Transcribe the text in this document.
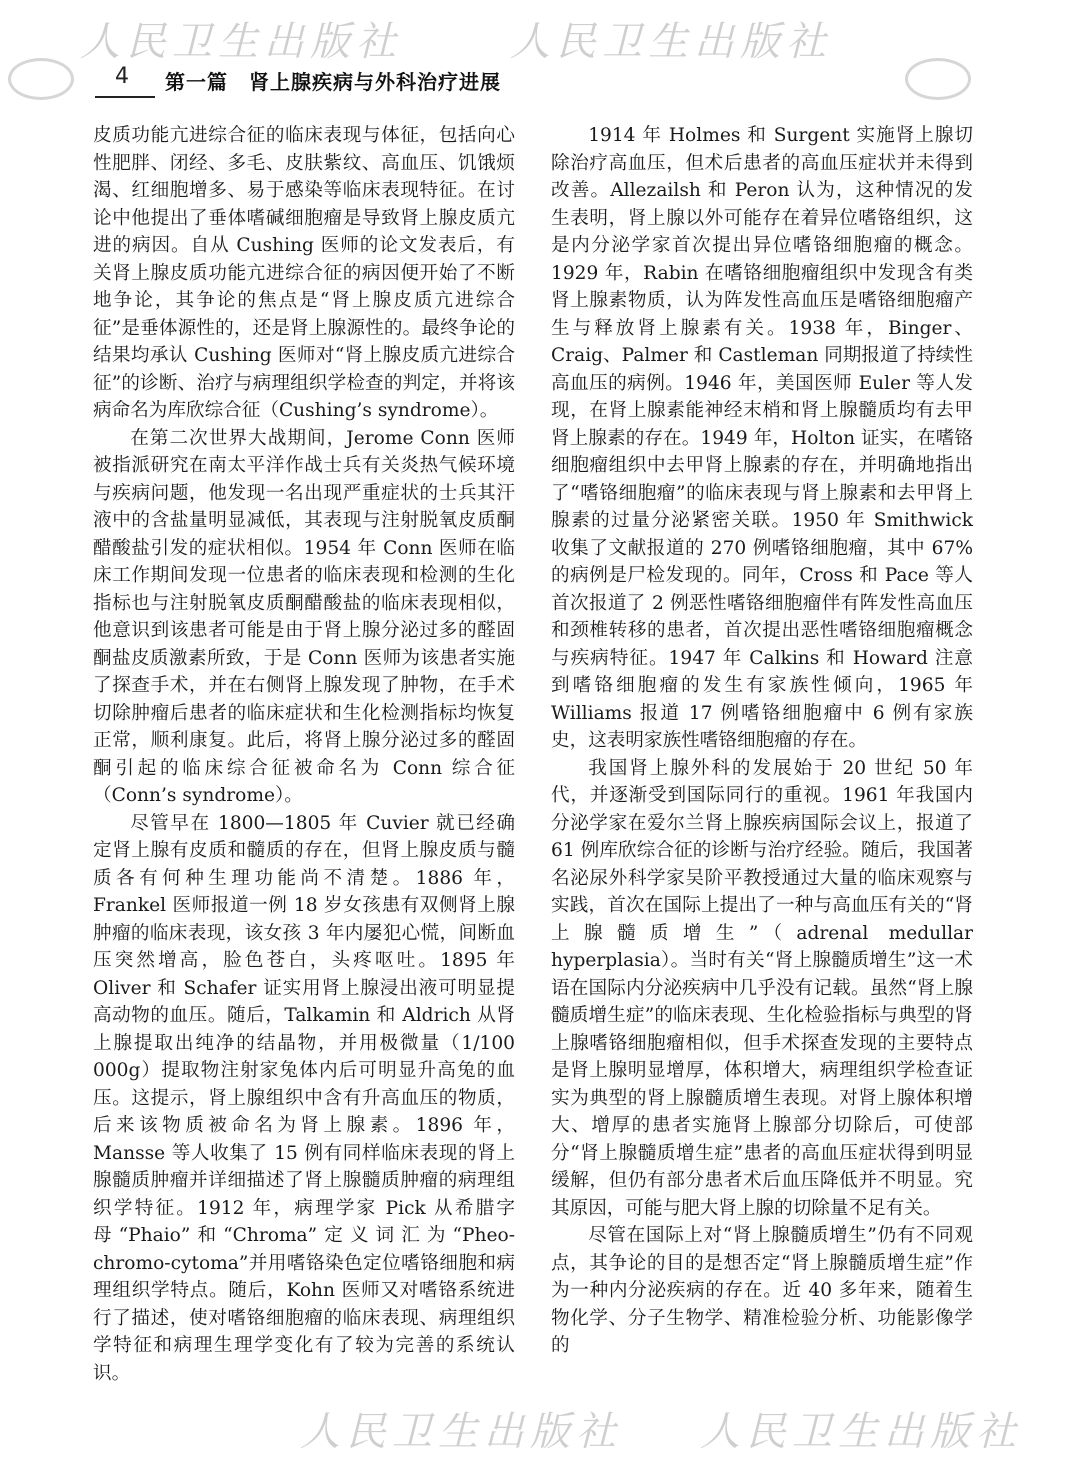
人民卫生出版社	人民卫生出版社
人民卫生出版社 人民卫生出版社
4 第一篇　肾上腺疾病与外科治疗进展

皮质功能亢进综合征的临床表现与体征，包括向心性肥胖、闭经、多毛、皮肤紫纹、高血压、饥饿烦渴、红细胞增多、易于感染等临床表现特征。在讨论中他提出了垂体嗜碱细胞瘤是导致肾上腺皮质亢进的病因。自从 Cushing 医师的论文发表后，有关肾上腺皮质功能亢进综合征的病因便开始了不断地争论，其争论的焦点是“肾上腺皮质亢进综合征”是垂体源性的，还是肾上腺源性的。最终争论的结果均承认 Cushing 医师对“肾上腺皮质亢进综合征”的诊断、治疗与病理组织学检查的判定，并将该病命名为库欣综合征（Cushing’s syndrome）。

在第二次世界大战期间，Jerome Conn 医师被指派研究在南太平洋作战士兵有关炎热气候环境与疾病问题，他发现一名出现严重症状的士兵其汗液中的含盐量明显减低，其表现与注射脱氧皮质酮醋酸盐引发的症状相似。1954 年 Conn 医师在临床工作期间发现一位患者的临床表现和检测的生化指标也与注射脱氧皮质酮醋酸盐的临床表现相似，他意识到该患者可能是由于肾上腺分泌过多的醛固酮盐皮质激素所致，于是 Conn 医师为该患者实施了探查手术，并在右侧肾上腺发现了肿物，在手术切除肿瘤后患者的临床症状和生化检测指标均恢复正常，顺利康复。此后，将肾上腺分泌过多的醛固酮引起的临床综合征被命名为 Conn 综合征（Conn’s syndrome）。

尽管早在 1800—1805 年 Cuvier 就已经确定肾上腺有皮质和髓质的存在，但肾上腺皮质与髓质各有何种生理功能尚不清楚。1886 年，Frankel 医师报道一例 18 岁女孩患有双侧肾上腺肿瘤的临床表现，该女孩 3 年内屡犯心慌，间断血压突然增高，脸色苍白，头疼呕吐。1895 年 Oliver 和 Schafer 证实用肾上腺浸出液可明显提高动物的血压。随后，Talkamin 和 Aldrich 从肾上腺提取出纯净的结晶物，并用极微量（1/100 000g）提取物注射家兔体内后可明显升高兔的血压。这提示，肾上腺组织中含有升高血压的物质，后来该物质被命名为肾上腺素。1896 年，Mansse 等人收集了 15 例有同样临床表现的肾上腺髓质肿瘤并详细描述了肾上腺髓质肿瘤的病理组织学特征。1912 年，病理学家 Pick 从希腊字母“Phaio”和“Chroma”定义词汇为“Pheo-chromo-cytoma”并用嗜铬染色定位嗜铬细胞和病理组织学特点。随后，Kohn 医师又对嗜铬系统进行了描述，使对嗜铬细胞瘤的临床表现、病理组织学特征和病理生理学变化有了较为完善的系统认识。

1914 年 Holmes 和 Surgent 实施肾上腺切除治疗高血压，但术后患者的高血压症状并未得到改善。Allezailsh 和 Peron 认为，这种情况的发生表明，肾上腺以外可能存在着异位嗜铬组织，这是内分泌学家首次提出异位嗜铬细胞瘤的概念。1929 年，Rabin 在嗜铬细胞瘤组织中发现含有类肾上腺素物质，认为阵发性高血压是嗜铬细胞瘤产生与释放肾上腺素有关。1938 年，Binger、Craig、Palmer 和 Castleman 同期报道了持续性高血压的病例。1946 年，美国医师 Euler 等人发现，在肾上腺素能神经末梢和肾上腺髓质均有去甲肾上腺素的存在。1949 年，Holton 证实，在嗜铬细胞瘤组织中去甲肾上腺素的存在，并明确地指出了“嗜铬细胞瘤”的临床表现与肾上腺素和去甲肾上腺素的过量分泌紧密关联。1950 年 Smithwick 收集了文献报道的 270 例嗜铬细胞瘤，其中 67% 的病例是尸检发现的。同年，Cross 和 Pace 等人首次报道了 2 例恶性嗜铬细胞瘤伴有阵发性高血压和颈椎转移的患者，首次提出恶性嗜铬细胞瘤概念与疾病特征。1947 年 Calkins 和 Howard 注意到嗜铬细胞瘤的发生有家族性倾向，1965 年 Williams 报道 17 例嗜铬细胞瘤中 6 例有家族史，这表明家族性嗜铬细胞瘤的存在。

我国肾上腺外科的发展始于 20 世纪 50 年代，并逐渐受到国际同行的重视。1961 年我国内分泌学家在爱尔兰肾上腺疾病国际会议上，报道了 61 例库欣综合征的诊断与治疗经验。随后，我国著名泌尿外科学家吴阶平教授通过大量的临床观察与实践，首次在国际上提出了一种与高血压有关的“肾上腺髓质增生”（adrenal medullar hyperplasia）。当时有关“肾上腺髓质增生”这一术语在国际内分泌疾病中几乎没有记载。虽然“肾上腺髓质增生症”的临床表现、生化检验指标与典型的肾上腺嗜铬细胞瘤相似，但手术探查发现的主要特点是肾上腺明显增厚，体积增大，病理组织学检查证实为典型的肾上腺髓质增生表现。对肾上腺体积增大、增厚的患者实施肾上腺部分切除后，可使部分“肾上腺髓质增生症”患者的高血压症状得到明显缓解，但仍有部分患者术后血压降低并不明显。究其原因，可能与肥大肾上腺的切除量不足有关。

尽管在国际上对“肾上腺髓质增生”仍有不同观点，其争论的目的是想否定“肾上腺髓质增生症”作为一种内分泌疾病的存在。近 40 多年来，随着生物化学、分子生物学、精准检验分析、功能影像学的
